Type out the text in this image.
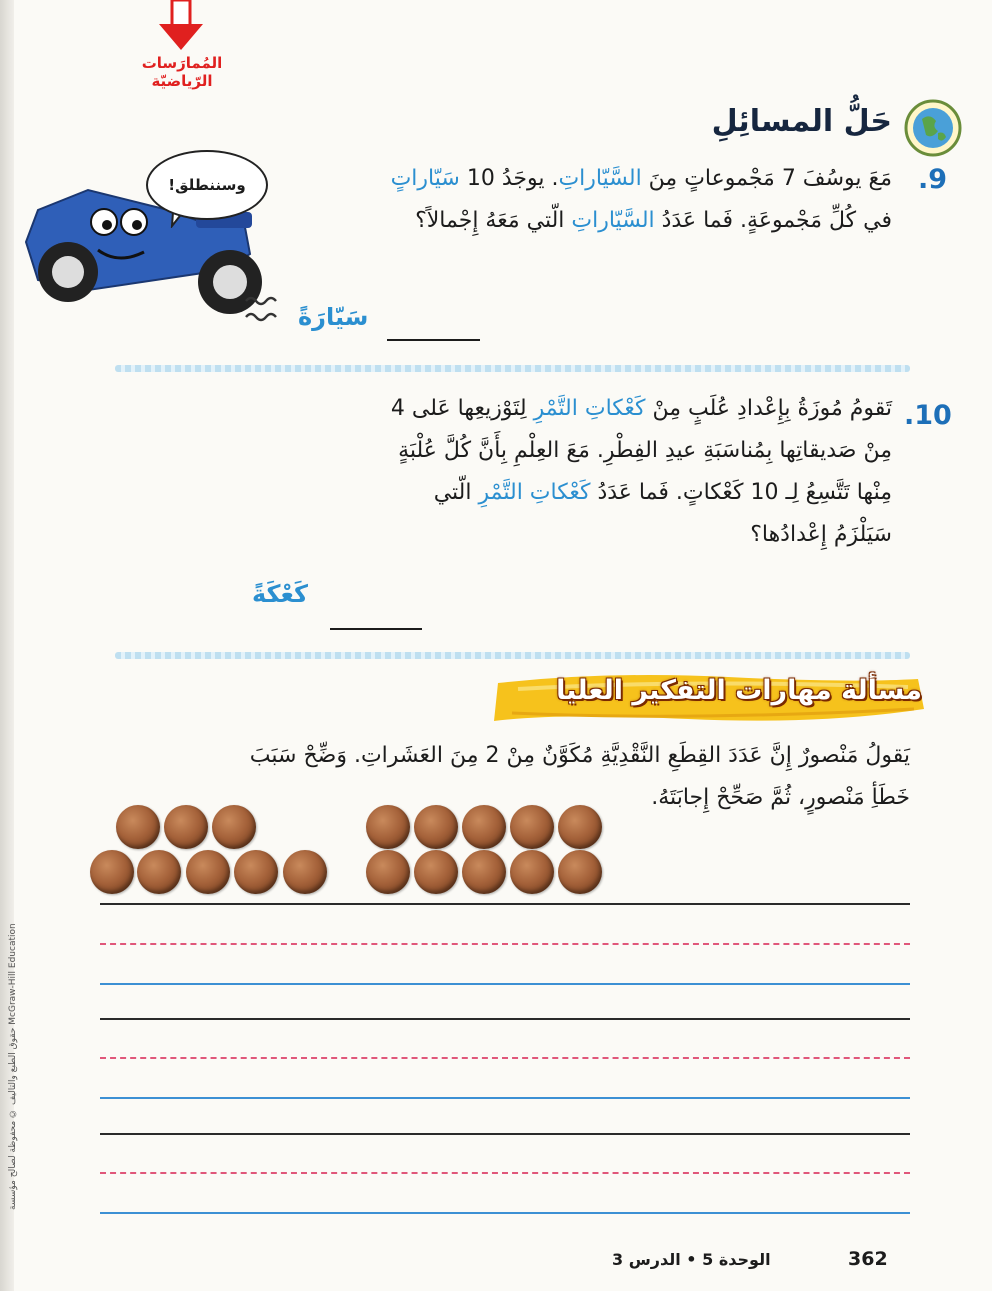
حقوق الطبع والتأليف © محفوظة لصالح مؤسسة McGraw-Hill Education
المُمارَسات الرّياضيّة
وسننطلق!
حَلُّ المسائِلِ
.9
مَعَ يوسُفَ 7 مَجْموعاتٍ مِنَ السَّيّاراتِ. يوجَدُ 10 سَيّاراتٍ
في كُلِّ مَجْموعَةٍ. فَما عَدَدُ السَّيّاراتِ الّتي مَعَهُ إِجْمالاً؟
سَيّارَةً
.10
تَقومُ مُوزَةُ بِإِعْدادِ عُلَبٍ مِنْ كَعْكاتِ التَّمْرِ لِتَوْزيعِها عَلى 4
مِنْ صَديقاتِها بِمُناسَبَةِ عيدِ الفِطْرِ. مَعَ العِلْمِ بِأَنَّ كُلَّ عُلْبَةٍ
مِنْها تَتَّسِعُ لِـ 10 كَعْكاتٍ. فَما عَدَدُ كَعْكاتِ التَّمْرِ الّتي
سَيَلْزَمُ إِعْدادُها؟
كَعْكَةً
مسألة مهارات التفكير العليا
يَقولُ مَنْصورٌ إِنَّ عَدَدَ القِطَعِ النَّقْدِيَّةِ مُكَوَّنٌ مِنْ 2 مِنَ العَشَراتِ. وَضِّحْ سَبَبَ
خَطَأِ مَنْصورٍ، ثُمَّ صَحِّحْ إِجابَتَهُ.
362
الوحدة 5 • الدرس 3
